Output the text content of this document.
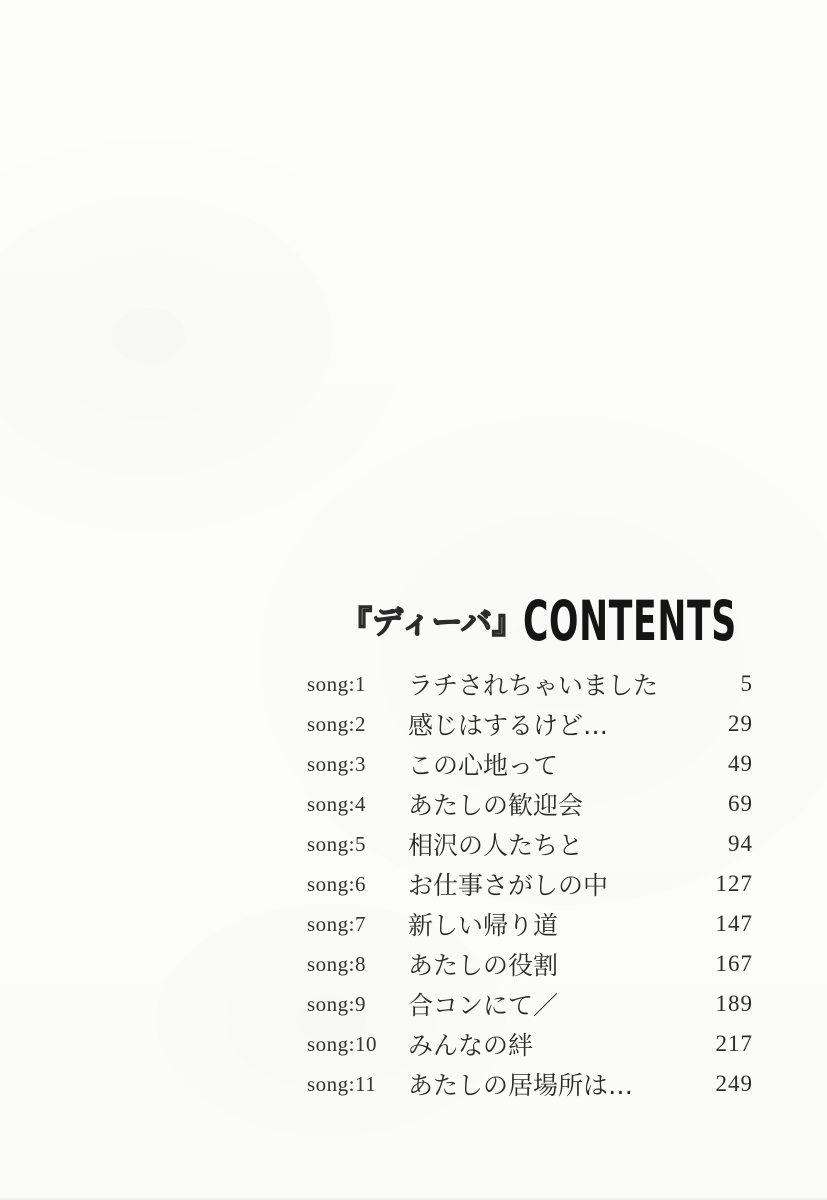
『ディーバ』 CONTENTS
song:1	ラチされちゃいました	5
song:2	感じはするけど…	29
song:3	この心地って	49
song:4	あたしの歓迎会	69
song:5	相沢の人たちと	94
song:6	お仕事さがしの中	127
song:7	新しい帰り道	147
song:8	あたしの役割	167
song:9	合コンにて／	189
song:10	みんなの絆	217
song:11	あたしの居場所は…	249
